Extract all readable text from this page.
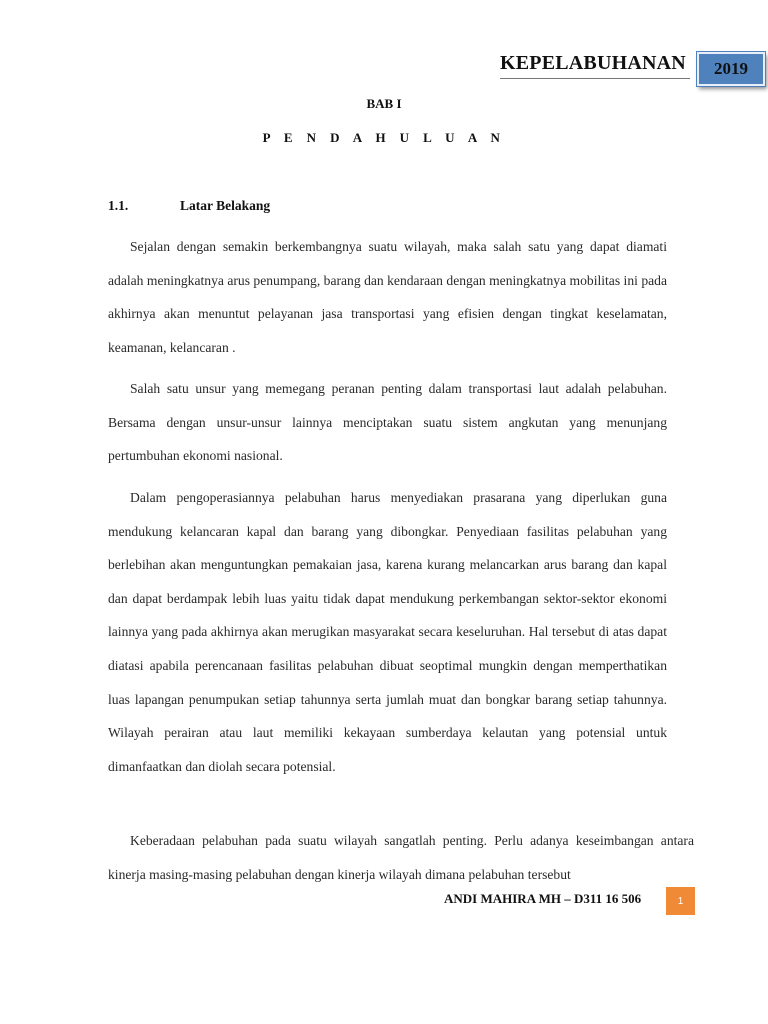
KEPELABUHANAN	2019
BAB I
P E N D A H U L U A N
1.1.	Latar Belakang

Sejalan dengan semakin berkembangnya suatu wilayah, maka salah satu yang dapat diamati adalah meningkatnya arus penumpang, barang dan kendaraan dengan meningkatnya mobilitas ini pada akhirnya akan menuntut pelayanan jasa transportasi yang efisien dengan tingkat keselamatan, keamanan, kelancaran .

Salah satu unsur yang memegang peranan penting dalam transportasi laut adalah pelabuhan. Bersama dengan unsur-unsur lainnya menciptakan suatu sistem angkutan yang menunjang pertumbuhan ekonomi nasional.

Dalam pengoperasiannya pelabuhan harus menyediakan prasarana yang diperlukan guna mendukung kelancaran kapal dan barang yang dibongkar. Penyediaan fasilitas pelabuhan yang berlebihan akan menguntungkan pemakaian jasa, karena kurang melancarkan arus barang dan kapal dan dapat berdampak lebih luas yaitu tidak dapat mendukung perkembangan sektor-sektor ekonomi lainnya yang pada akhirnya akan merugikan masyarakat secara keseluruhan. Hal tersebut di atas dapat diatasi apabila perencanaan fasilitas pelabuhan dibuat seoptimal mungkin dengan memperthatikan luas lapangan penumpukan setiap tahunnya serta jumlah muat dan bongkar barang setiap tahunnya. Wilayah perairan atau laut memiliki kekayaan sumberdaya kelautan yang potensial untuk dimanfaatkan dan diolah secara potensial.

Keberadaan pelabuhan pada suatu wilayah sangatlah penting. Perlu adanya keseimbangan antara kinerja masing-masing pelabuhan dengan kinerja wilayah dimana pelabuhan tersebut

ANDI MAHIRA MH – D311 16 506	1
